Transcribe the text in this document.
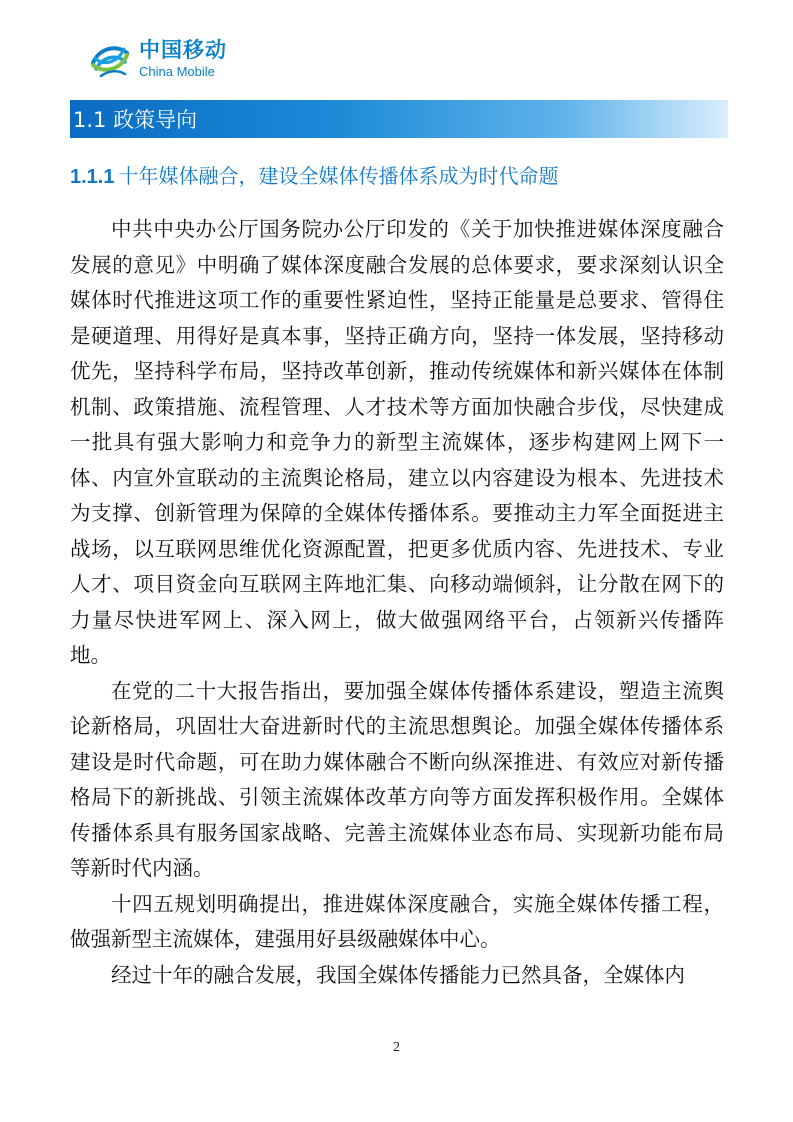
中国移动
China Mobile
1.1 政策导向
1.1.1 十年媒体融合，建设全媒体传播体系成为时代命题

中共中央办公厅国务院办公厅印发的《关于加快推进媒体深度融合发展的意见》中明确了媒体深度融合发展的总体要求，要求深刻认识全媒体时代推进这项工作的重要性紧迫性，坚持正能量是总要求、管得住是硬道理、用得好是真本事，坚持正确方向，坚持一体发展，坚持移动优先，坚持科学布局，坚持改革创新，推动传统媒体和新兴媒体在体制机制、政策措施、流程管理、人才技术等方面加快融合步伐，尽快建成一批具有强大影响力和竞争力的新型主流媒体，逐步构建网上网下一体、内宣外宣联动的主流舆论格局，建立以内容建设为根本、先进技术为支撑、创新管理为保障的全媒体传播体系。要推动主力军全面挺进主战场，以互联网思维优化资源配置，把更多优质内容、先进技术、专业人才、项目资金向互联网主阵地汇集、向移动端倾斜，让分散在网下的力量尽快进军网上、深入网上，做大做强网络平台，占领新兴传播阵地。

在党的二十大报告指出，要加强全媒体传播体系建设，塑造主流舆论新格局，巩固壮大奋进新时代的主流思想舆论。加强全媒体传播体系建设是时代命题，可在助力媒体融合不断向纵深推进、有效应对新传播格局下的新挑战、引领主流媒体改革方向等方面发挥积极作用。全媒体传播体系具有服务国家战略、完善主流媒体业态布局、实现新功能布局等新时代内涵。

十四五规划明确提出，推进媒体深度融合，实施全媒体传播工程，做强新型主流媒体，建强用好县级融媒体中心。

经过十年的融合发展，我国全媒体传播能力已然具备，全媒体内

2
